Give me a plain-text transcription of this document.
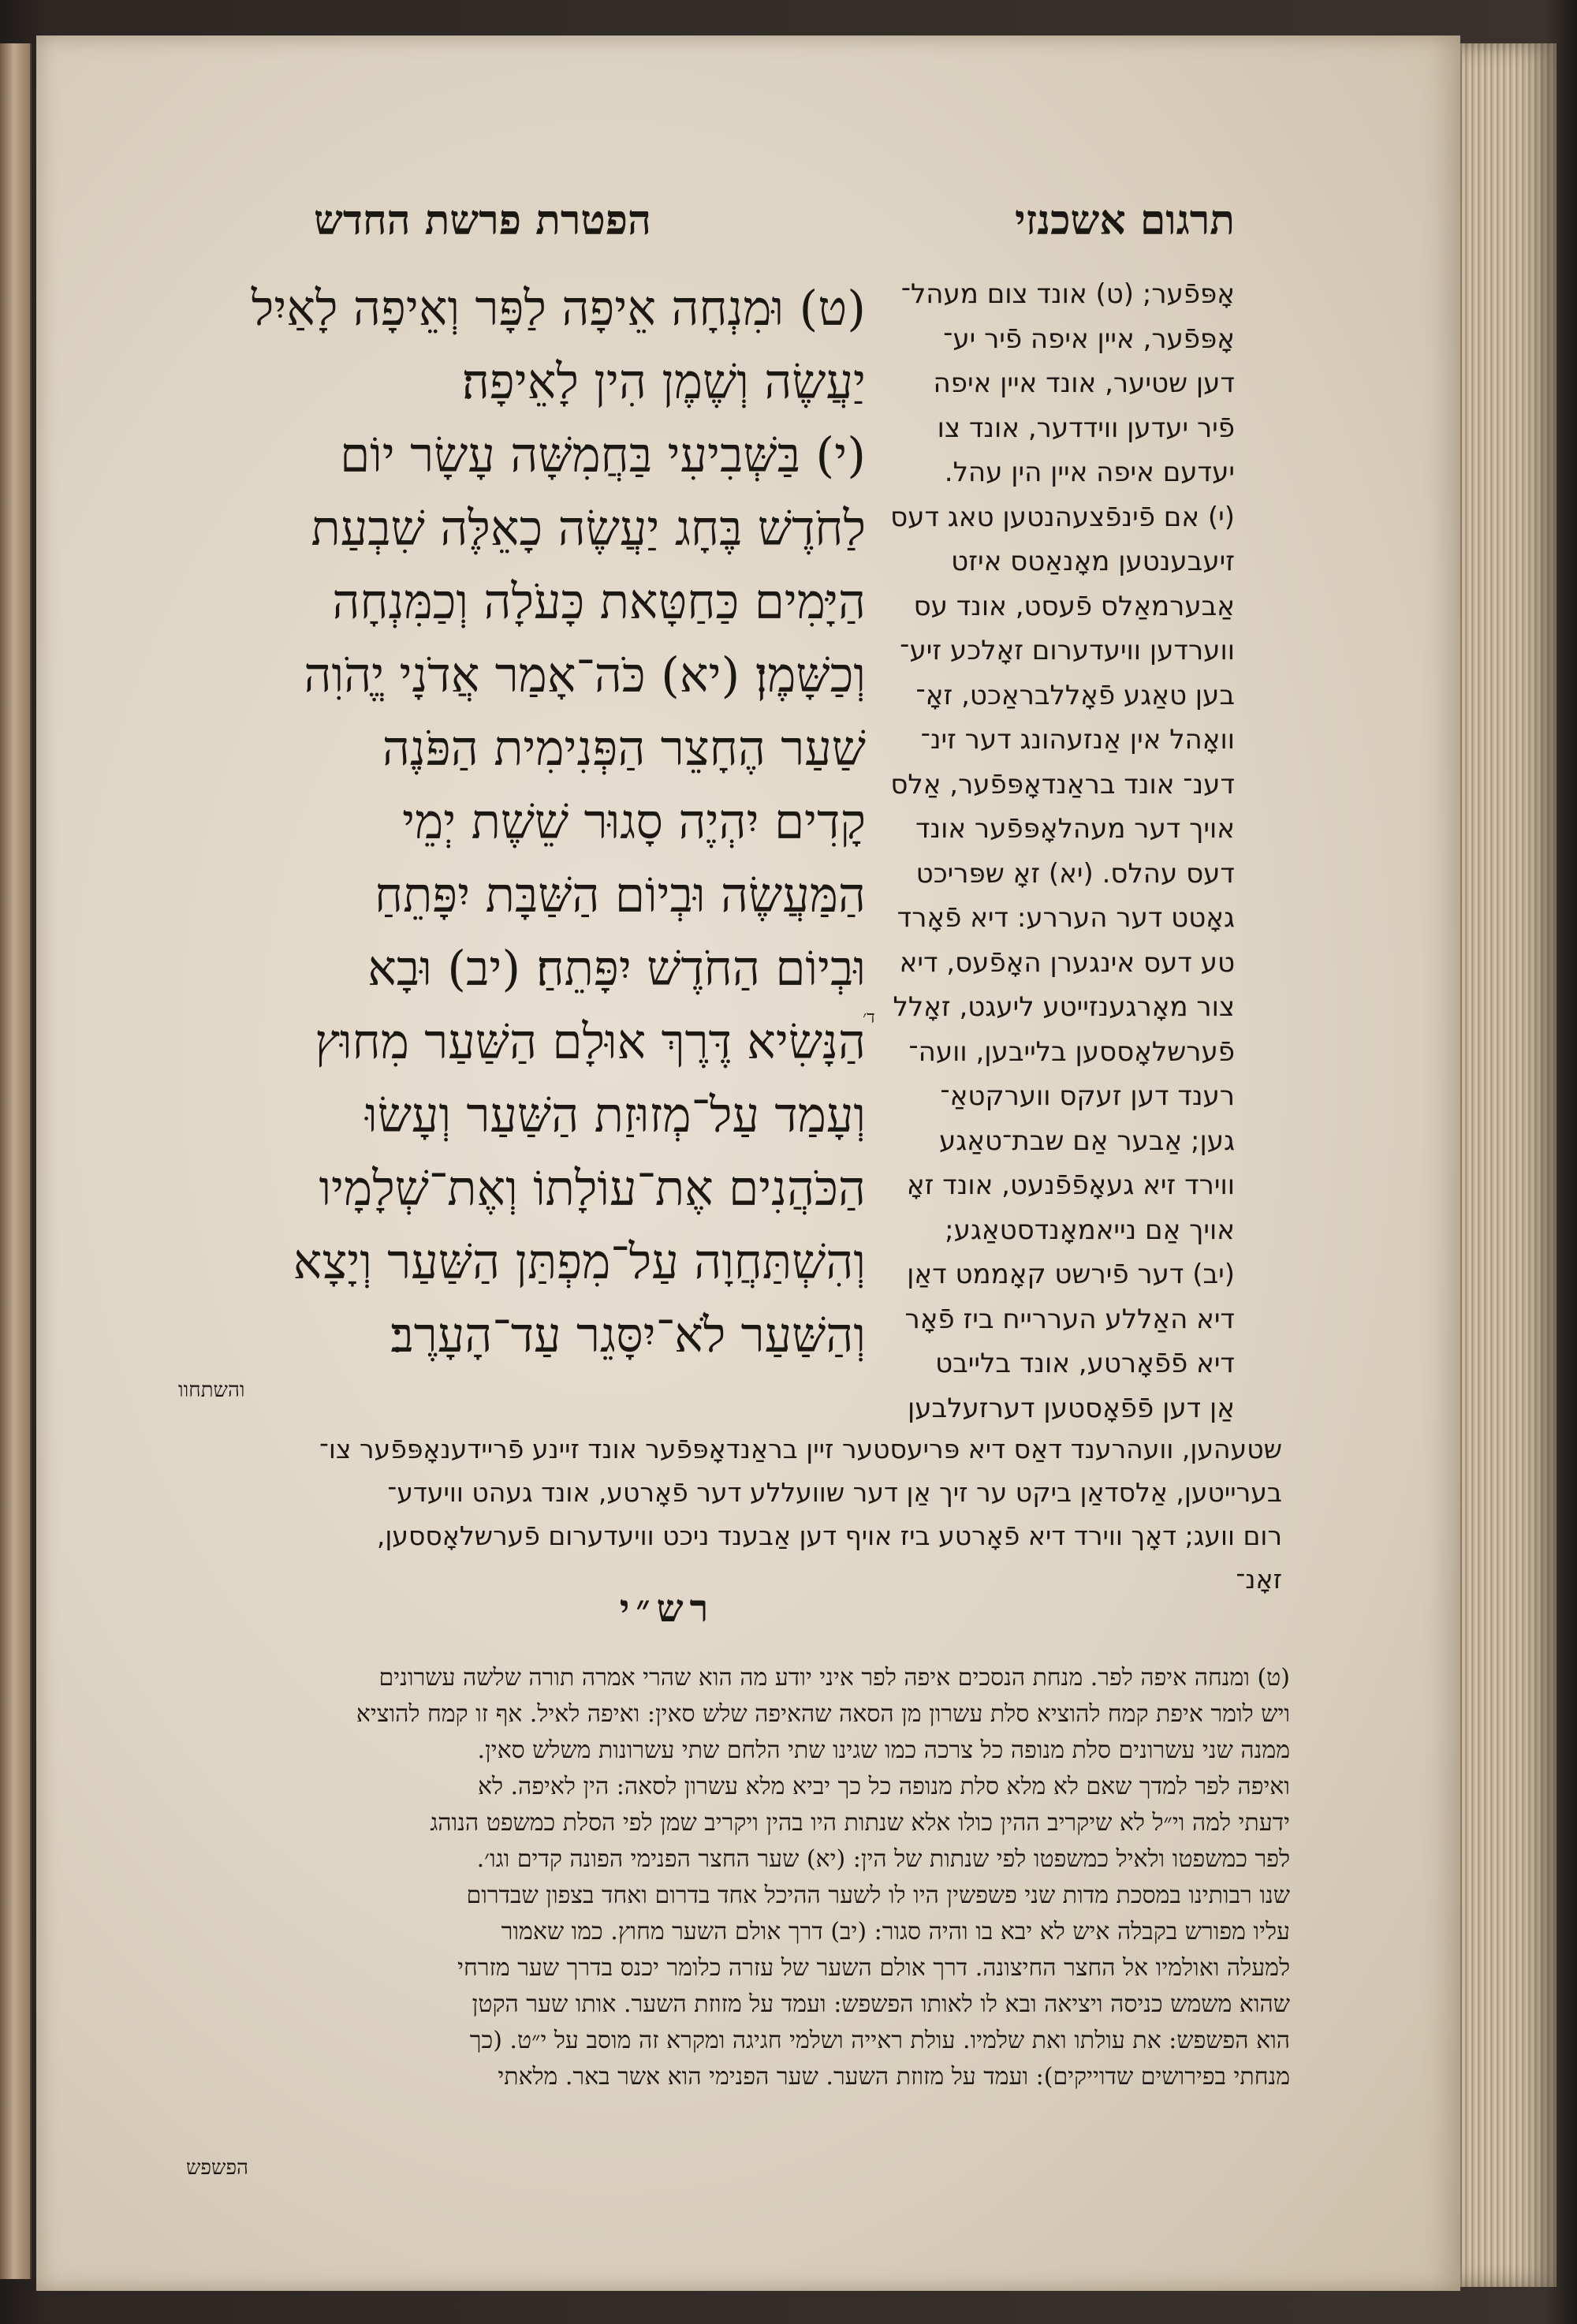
הפטרת פרשת החדש
(ט) וּמִנְחָה אֵיפָה לַפָּר וְאֵיפָה לָאַיִל
יַעֲשֶׂה וְשֶׁמֶן הִין לָאֵיפָה׃
(י) בַּשְּׁבִיעִי בַּחֲמִשָּׁה עָשָׂר יוֹם
לַחֹדֶשׁ בֶּחָג יַעֲשֶׂה כָאֵלֶּה שִׁבְעַת
הַיָּמִים כַּחַטָּאת כָּעֹלָה וְכַמִּנְחָה
וְכַשָּׁמֶן׃ (יא) כֹּה־אָמַר אֲדֹנָי יֱהֹוִה
שַׁעַר הֶחָצֵר הַפְּנִימִית הַפֹּנֶה
קָדִים יִהְיֶה סָגוּר שֵׁשֶׁת יְמֵי
הַמַּעֲשֶׂה וּבְיוֹם הַשַּׁבָּת יִפָּתֵחַ
וּבְיוֹם הַחֹדֶשׁ יִפָּתֵחַ׃ (יב) וּבָא
הַנָּשִׂיא דֶּרֶךְ אוּלָם הַשַּׁעַר מִחוּץ
וְעָמַד עַל־מְזוּזַת הַשַּׁעַר וְעָשׂוּ
הַכֹּהֲנִים אֶת־עוֹלָתוֹ וְאֶת־שְׁלָמָיו
וְהִשְׁתַּחֲוָה עַל־מִפְתַּן הַשַּׁעַר וְיָצָא
וְהַשַּׁעַר לֹא־יִסָּגֵר עַד־הָעָרֶב׃
והשתחוו
ד׳
תרגום אשכנזי
אָפּפֿער; (ט) אונד צום מעהל־
אָפּפֿער, איין איפה פֿיר יע־
דען שטיער, אונד איין איפה
פֿיר יעדען ווידדער, אונד צו
יעדעם איפה איין הין עהל.
(י) אם פֿינפֿצעהנטען טאג דעס
זיעבענטען מאָנאַטס איזט
אַבערמאַלס פֿעסט, אונד עס
ווערדען וויעדערום זאָלכע זיע־
בען טאַגע פֿאָללבראַכט, זאָ־
וואָהל אין אַנזעהונג דער זינ־
דענ־ אונד בראַנדאָפּפֿער, אַלס
אויך דער מעהלאָפּפֿער אונד
דעס עהלס. (יא) זאָ שפּריכט
גאָטט דער העררע: דיא פֿאָרד
טע דעס אינגערן האָפֿעס, דיא
צור מאָרגענזייטע ליעגט, זאָלל
פֿערשלאָססען בלייבען, וועה־
רענד דען זעקס ווערקטאַ־
גען; אַבער אַם שבת־טאַגע
ווירד זיא געאָפֿפֿנעט, אונד זאָ
אויך אַם נייאמאָנדסטאַגע;
(יב) דער פֿירשט קאָממט דאַן
דיא האַללע העררייח ביז פֿאָר
דיא פֿפֿאָרטע, אונד בלייבט
אַן דען פֿפֿאָסטען דערזעלבען
שטעהען, וועהרענד דאַס דיא פּריעסטער זיין בראַנדאָפּפֿער אונד זיינע פֿריידענאָפּפֿער צו־
בערייטען, אַלסדאַן ביקט ער זיך אַן דער שוועללע דער פֿאָרטע, אונד געהט וויעדע־
רום וועג; דאָך ווירד דיא פֿאָרטע ביז אויף דען אַבענד ניכט וויעדערום פֿערשלאָססען,
זאָנ־
רש״י
(ט) ומנחה איפה לפר. מנחת הנסכים איפה לפר איני יודע מה הוא שהרי אמרה תורה שלשה עשרונים
ויש לומר איפת קמח להוציא סלת עשרון מן הסאה שהאיפה שלש סאין: ואיפה לאיל. אף זו קמח להוציא
ממנה שני עשרונים סלת מנופה כל צרכה כמו שגינו שתי הלחם שתי עשרונות משלש סאין.
ואיפה לפר למדך שאם לא מלא סלת מנופה כל כך יביא מלא עשרון לסאה: הין לאיפה. לא
ידעתי למה וי״ל לא שיקריב ההין כולו אלא שנתות היו בהין ויקריב שמן לפי הסלת כמשפט הנוהג
לפר כמשפטו ולאיל כמשפטו לפי שנתות של הין: (יא) שער החצר הפנימי הפונה קדים וגו׳.
שנו רבותינו במסכת מדות שני פשפשין היו לו לשער ההיכל אחד בדרום ואחד בצפון שבדרום
עליו מפורש בקבלה איש לא יבא בו והיה סגור: (יב) דרך אולם השער מחוץ. כמו שאמור
למעלה ואולמיו אל החצר החיצונה. דרך אולם השער של עזרה כלומר יכנס בדרך שער מזרחי
שהוא משמש כניסה ויציאה ובא לו לאותו הפשפש: ועמד על מזוזת השער. אותו שער הקטן
הוא הפשפש: את עולתו ואת שלמיו. עולת ראייה ושלמי חגיגה ומקרא זה מוסב על י״ט. (כך
מנחתי בפירושים שדוייקים): ועמד על מזוזת השער. שער הפנימי הוא אשר באר. מלאתי
הפשפש
